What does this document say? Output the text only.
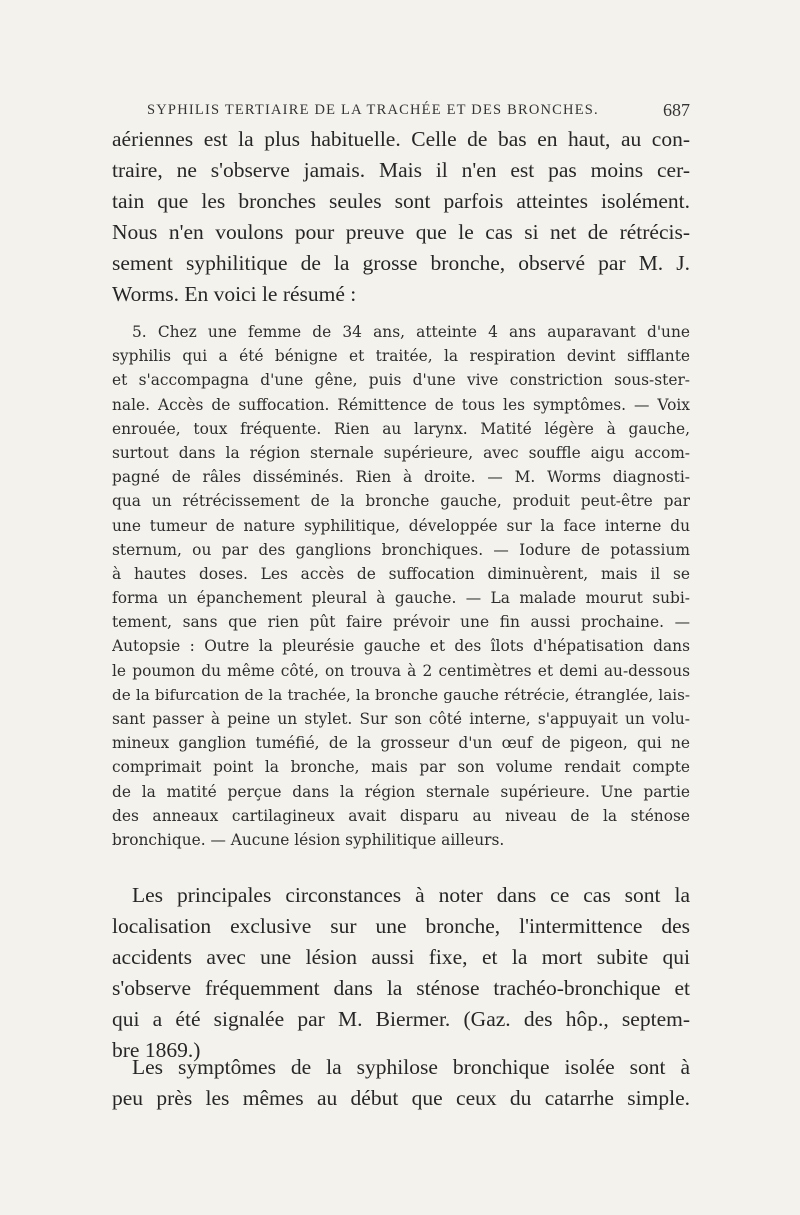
SYPHILIS TERTIAIRE DE LA TRACHÉE ET DES BRONCHES.	687
aériennes est la plus habituelle. Celle de bas en haut, au con-
traire, ne s'observe jamais. Mais il n'en est pas moins cer-
tain que les bronches seules sont parfois atteintes isolément.
Nous n'en voulons pour preuve que le cas si net de rétrécis-
sement syphilitique de la grosse bronche, observé par M. J.
Worms. En voici le résumé :
5. Chez une femme de 34 ans, atteinte 4 ans auparavant d'une
syphilis qui a été bénigne et traitée, la respiration devint sifflante
et s'accompagna d'une gêne, puis d'une vive constriction sous-ster-
nale. Accès de suffocation. Rémittence de tous les symptômes. — Voix
enrouée, toux fréquente. Rien au larynx. Matité légère à gauche,
surtout dans la région sternale supérieure, avec souffle aigu accom-
pagné de râles disséminés. Rien à droite. — M. Worms diagnosti-
qua un rétrécissement de la bronche gauche, produit peut-être par
une tumeur de nature syphilitique, développée sur la face interne du
sternum, ou par des ganglions bronchiques. — Iodure de potassium
à hautes doses. Les accès de suffocation diminuèrent, mais il se
forma un épanchement pleural à gauche. — La malade mourut subi-
tement, sans que rien pût faire prévoir une fin aussi prochaine. —
Autopsie : Outre la pleurésie gauche et des îlots d'hépatisation dans
le poumon du même côté, on trouva à 2 centimètres et demi au-dessous
de la bifurcation de la trachée, la bronche gauche rétrécie, étranglée, lais-
sant passer à peine un stylet. Sur son côté interne, s'appuyait un volu-
mineux ganglion tuméfié, de la grosseur d'un œuf de pigeon, qui ne
comprimait point la bronche, mais par son volume rendait compte
de la matité perçue dans la région sternale supérieure. Une partie
des anneaux cartilagineux avait disparu au niveau de la sténose
bronchique. — Aucune lésion syphilitique ailleurs.
Les principales circonstances à noter dans ce cas sont la
localisation exclusive sur une bronche, l'intermittence des
accidents avec une lésion aussi fixe, et la mort subite qui
s'observe fréquemment dans la sténose trachéo-bronchique et
qui a été signalée par M. Biermer. (Gaz. des hôp., septem-
bre 1869.)
Les symptômes de la syphilose bronchique isolée sont à
peu près les mêmes au début que ceux du catarrhe simple.
